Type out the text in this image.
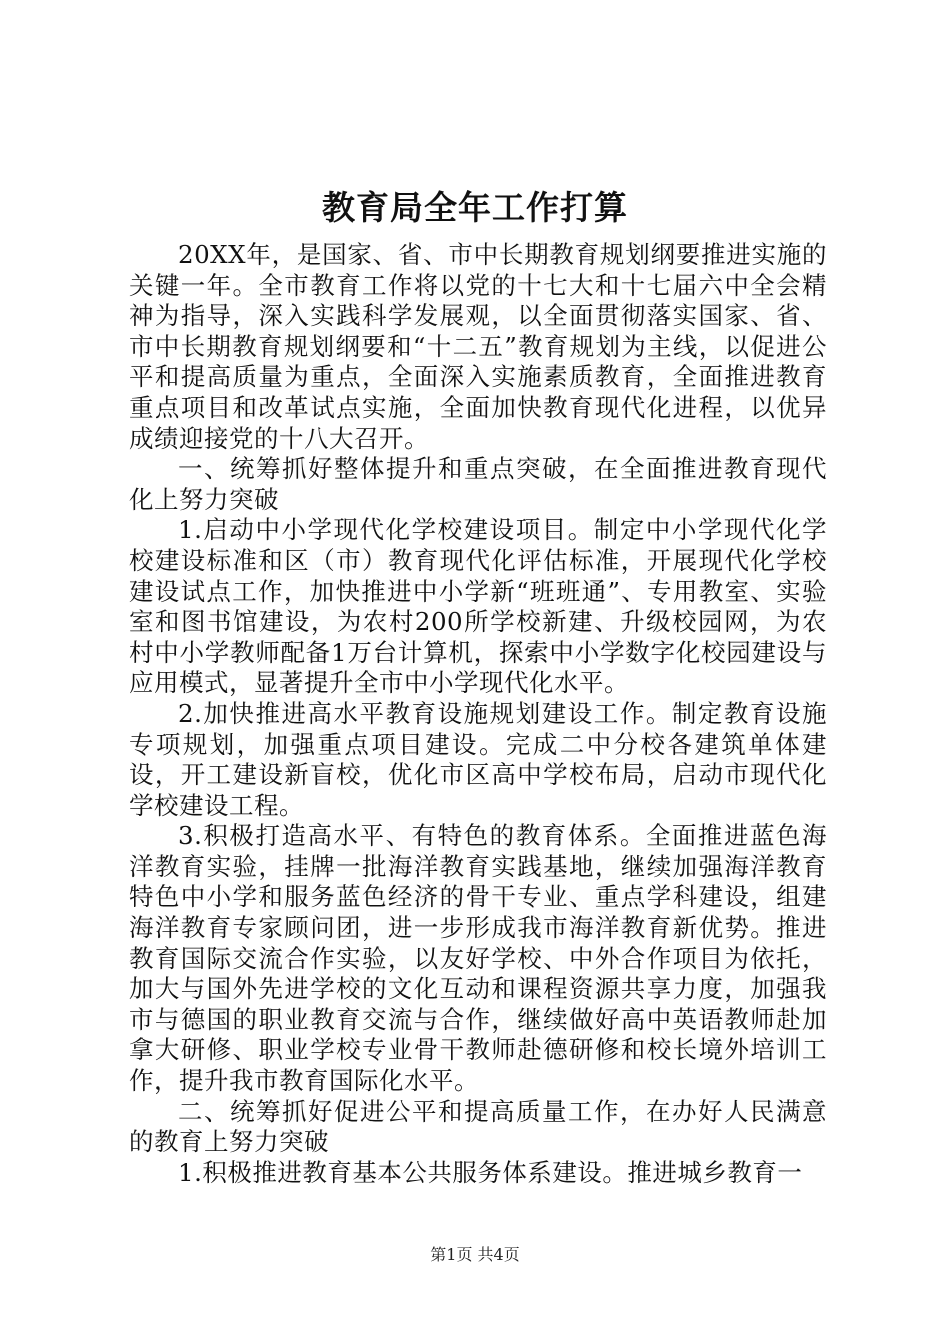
教育局全年工作打算

20XX年，是国家、省、市中长期教育规划纲要推进实施的关键一年。全市教育工作将以党的十七大和十七届六中全会精神为指导，深入实践科学发展观，以全面贯彻落实国家、省、市中长期教育规划纲要和“十二五”教育规划为主线，以促进公平和提高质量为重点，全面深入实施素质教育，全面推进教育重点项目和改革试点实施，全面加快教育现代化进程，以优异成绩迎接党的十八大召开。

一、统筹抓好整体提升和重点突破，在全面推进教育现代化上努力突破

1.启动中小学现代化学校建设项目。制定中小学现代化学校建设标准和区（市）教育现代化评估标准，开展现代化学校建设试点工作，加快推进中小学新“班班通”、专用教室、实验室和图书馆建设，为农村200所学校新建、升级校园网，为农村中小学教师配备1万台计算机，探索中小学数字化校园建设与应用模式，显著提升全市中小学现代化水平。

2.加快推进高水平教育设施规划建设工作。制定教育设施专项规划，加强重点项目建设。完成二中分校各建筑单体建设，开工建设新盲校，优化市区高中学校布局，启动市现代化学校建设工程。

3.积极打造高水平、有特色的教育体系。全面推进蓝色海洋教育实验，挂牌一批海洋教育实践基地，继续加强海洋教育特色中小学和服务蓝色经济的骨干专业、重点学科建设，组建海洋教育专家顾问团，进一步形成我市海洋教育新优势。推进教育国际交流合作实验，以友好学校、中外合作项目为依托，加大与国外先进学校的文化互动和课程资源共享力度，加强我市与德国的职业教育交流与合作，继续做好高中英语教师赴加拿大研修、职业学校专业骨干教师赴德研修和校长境外培训工作，提升我市教育国际化水平。

二、统筹抓好促进公平和提高质量工作，在办好人民满意的教育上努力突破

1.积极推进教育基本公共服务体系建设。推进城乡教育一

第1页 共4页
